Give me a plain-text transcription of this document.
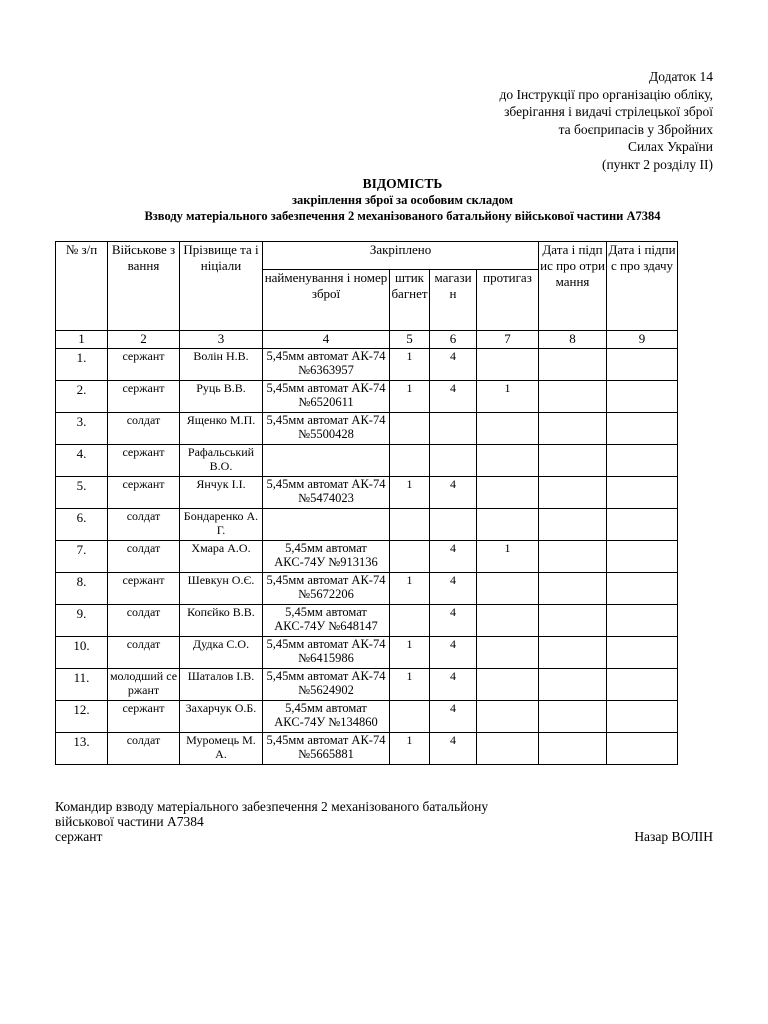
Додаток 14
до Інструкції про організацію обліку,
зберігання і видачі стрілецької зброї
та боєприпасів у Збройних
Силах України
(пункт 2 розділу ІІ)
ВІДОМІСТЬ
закріплення зброї за особовим складом
Взводу матеріального забезпечення 2 механізованого батальйону військової частини А7384
№ з/п	Військове звання	Прізвище та ініціали	Закріплено				Дата і підпис про отримання	Дата і підпис про здачу
			найменування і номер зброї	штик багнет	магазин	протигаз		
1	2	3	4	5	6	7	8	9
1.	сержант	Волін Н.В.	5,45мм автомат АК-74 №6363957	1	4			
2.	сержант	Руць В.В.	5,45мм автомат АК-74 №6520611	1	4	1		
3.	солдат	Ященко М.П.	5,45мм автомат АК-74 №5500428					
4.	сержант	Рафальський В.О.						
5.	сержант	Янчук І.І.	5,45мм автомат АК-74 №5474023	1	4			
6.	солдат	Бондаренко А.Г.						
7.	солдат	Хмара А.О.	5,45мм автомат АКС-74У №913136		4	1		
8.	сержант	Шевкун О.Є.	5,45мм автомат АК-74 №5672206	1	4			
9.	солдат	Копєйко В.В.	5,45мм автомат АКС-74У №648147		4			
10.	солдат	Дудка С.О.	5,45мм автомат АК-74 №6415986	1	4			
11.	молодший сержант	Шаталов І.В.	5,45мм автомат АК-74 №5624902	1	4			
12.	сержант	Захарчук О.Б.	5,45мм автомат АКС-74У №134860		4			
13.	солдат	Муромець М.А.	5,45мм автомат АК-74 №5665881	1	4			
Командир взводу матеріального забезпечення 2 механізованого батальйону
військової частини А7384
сержант	Назар ВОЛІН
